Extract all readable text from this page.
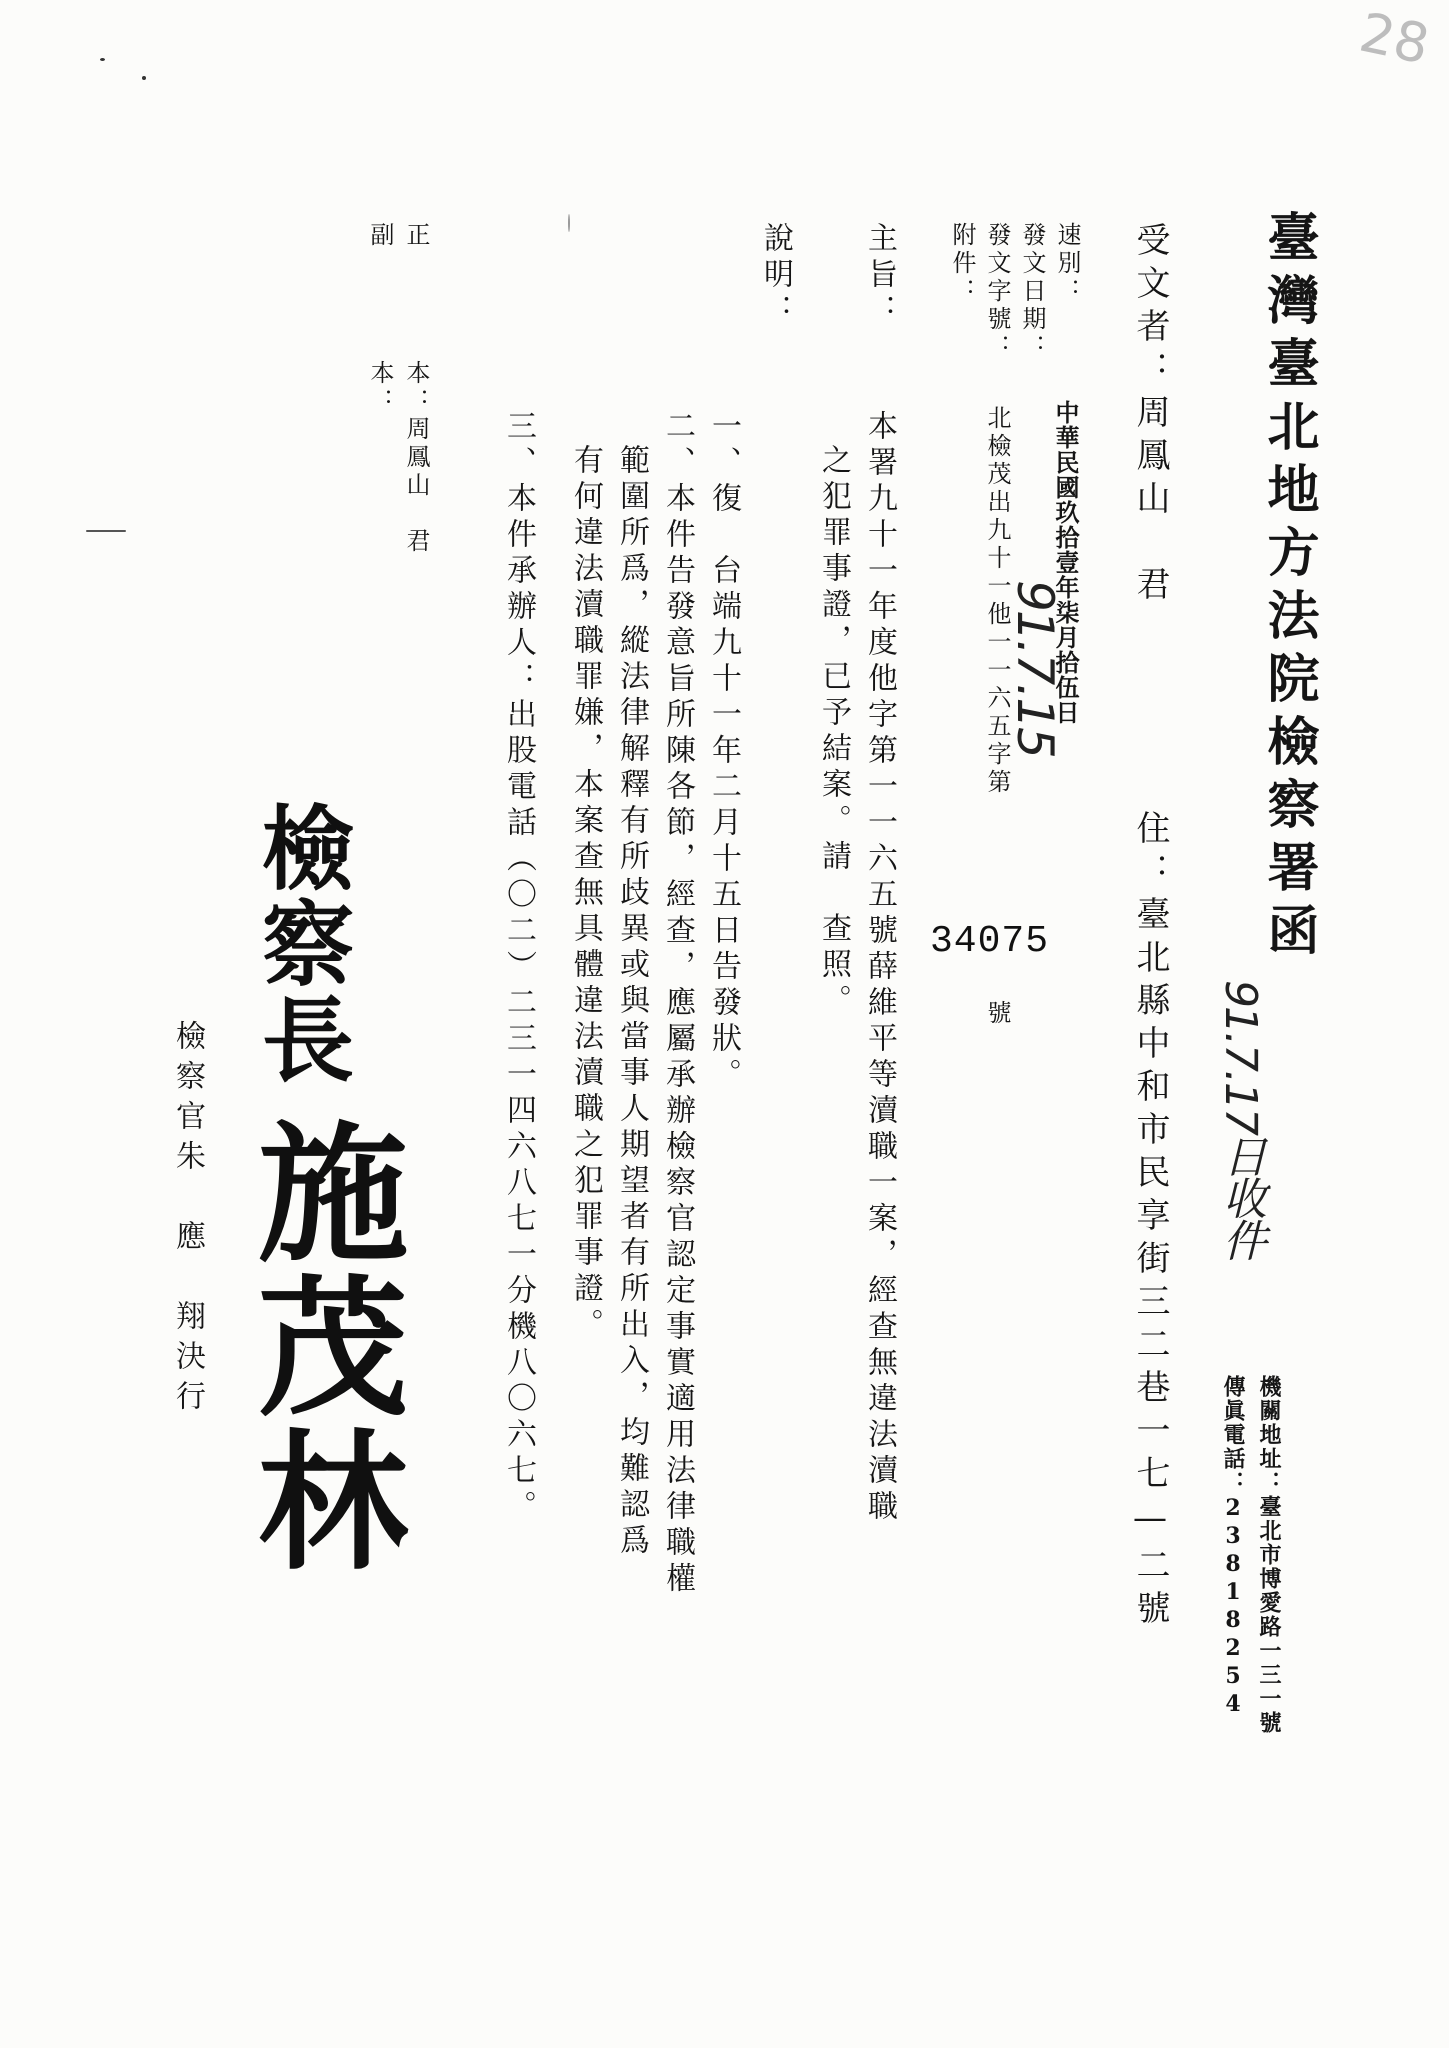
臺灣臺北地方法院檢察署函
機關地址：臺北市博愛路一三一號
傳眞電話：2381​8254
受文者：周鳳山　君
住：臺北縣中和市民享街三二巷一七—二號
速別：
發文日期：
中華民國玖拾壹年柒月拾伍日
發文字號：
北檢茂出九十一他一一六五字第
號
34075
附件：
主旨：
本署九十一年度他字第一一六五號薛維平等瀆職一案，經查無違法瀆職
之犯罪事證，已予結案。請　查照。
說明：
一、復　台端九十一年二月十五日告發狀。
二、本件告發意旨所陳各節，經查，應屬承辦檢察官認定事實適用法律職權
範圍所爲，縱法律解釋有所歧異或與當事人期望者有所出入，均難認爲
有何違法瀆職罪嫌，本案查無具體違法瀆職之犯罪事證。
三、本件承辦人：出股電話（〇二）二三一四六八七一分機八〇六七。
正
本：周鳳山　君
副
本：
檢察長
施茂林
檢察官朱　應　翔決行
28
91.7.15
91.7.17日收件
